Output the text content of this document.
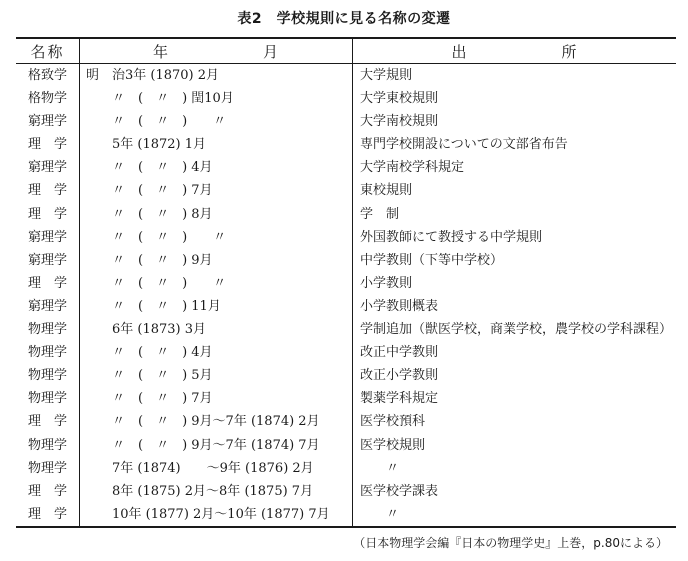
表2　学校規則に見る名称の変遷
名称	年　月	出　所
格致学	明　治3年 (1870) 2月	大学規則
格物学	　　〃　(　〃　) 閏10月	大学東校規則
窮理学	　　〃　(　〃　)　　〃	大学南校規則
理　学	　　5年 (1872) 1月	専門学校開設についての文部省布告
窮理学	　　〃　(　〃　) 4月	大学南校学科規定
理　学	　　〃　(　〃　) 7月	東校規則
理　学	　　〃　(　〃　) 8月	学　制
窮理学	　　〃　(　〃　)　　〃	外国教師にて教授する中学規則
窮理学	　　〃　(　〃　) 9月	中学教則（下等中学校）
理　学	　　〃　(　〃　)　　〃	小学教則
窮理学	　　〃　(　〃　) 11月	小学教則概表
物理学	　　6年 (1873) 3月	学制追加（獣医学校，商業学校，農学校の学科課程）
物理学	　　〃　(　〃　) 4月	改正中学教則
物理学	　　〃　(　〃　) 5月	改正小学教則
物理学	　　〃　(　〃　) 7月	製薬学科規定
理　学	　　〃　(　〃　) 9月～7年 (1874) 2月	医学校預科
物理学	　　〃　(　〃　) 9月～7年 (1874) 7月	医学校規則
物理学	　　7年 (1874)　　～9年 (1876) 2月	　　〃
理　学	　　8年 (1875) 2月～8年 (1875) 7月	医学校学課表
理　学	　　10年 (1877) 2月～10年 (1877) 7月	　　〃
（日本物理学会編『日本の物理学史』上巻，p.80による）
